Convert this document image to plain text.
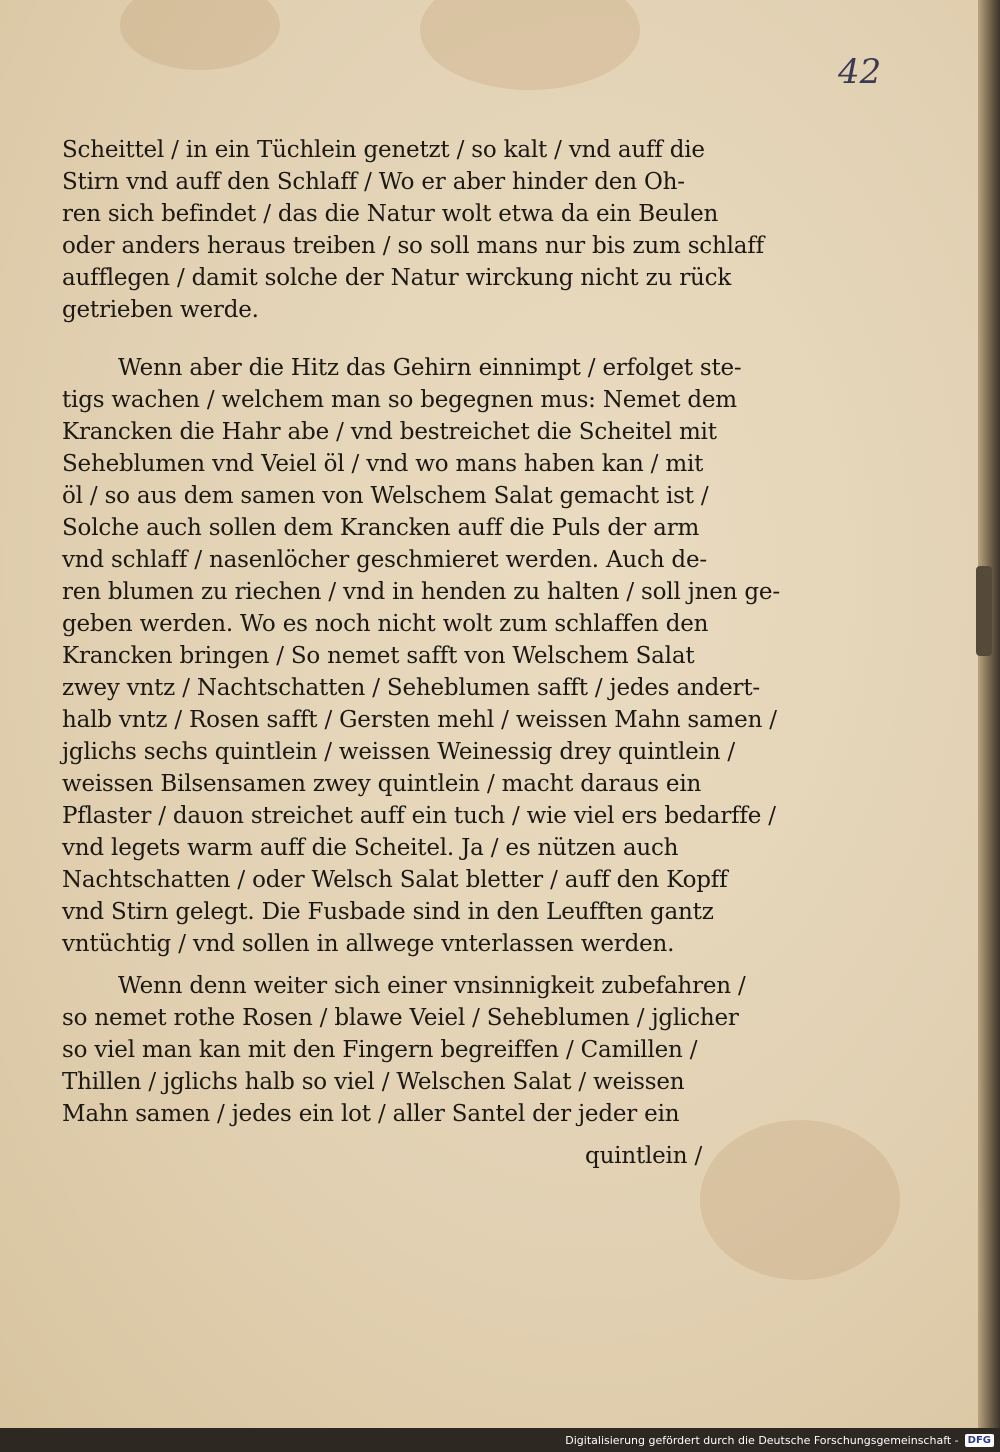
42
Scheittel / in ein Tüchlein genetzt / so kalt / vnd auff die
Stirn vnd auff den Schlaff / Wo er aber hinder den Oh-
ren sich befindet / das die Natur wolt etwa da ein Beulen
oder anders heraus treiben / so soll mans nur bis zum schlaff
aufflegen / damit solche der Natur wirckung nicht zu rück
getrieben werde.
Wenn aber die Hitz das Gehirn einnimpt / erfolget ste-
tigs wachen / welchem man so begegnen mus: Nemet dem
Krancken die Hahr abe / vnd bestreichet die Scheitel mit
Seheblumen vnd Veiel öl / vnd wo mans haben kan / mit
öl / so aus dem samen von Welschem Salat gemacht ist /
Solche auch sollen dem Krancken auff die Puls der arm
vnd schlaff / nasenlöcher geschmieret werden. Auch de-
ren blumen zu riechen / vnd in henden zu halten / soll jnen ge-
geben werden. Wo es noch nicht wolt zum schlaffen den
Krancken bringen / So nemet safft von Welschem Salat
zwey vntz / Nachtschatten / Seheblumen safft / jedes andert-
halb vntz / Rosen safft / Gersten mehl / weissen Mahn samen /
jglichs sechs quintlein / weissen Weinessig drey quintlein /
weissen Bilsensamen zwey quintlein / macht daraus ein
Pflaster / dauon streichet auff ein tuch / wie viel ers bedarffe /
vnd legets warm auff die Scheitel. Ja / es nützen auch
Nachtschatten / oder Welsch Salat bletter / auff den Kopff
vnd Stirn gelegt. Die Fusbade sind in den Leufften gantz
vntüchtig / vnd sollen in allwege vnterlassen werden.
Wenn denn weiter sich einer vnsinnigkeit zubefahren /
so nemet rothe Rosen / blawe Veiel / Seheblumen / jglicher
so viel man kan mit den Fingern begreiffen / Camillen /
Thillen / jglichs halb so viel / Welschen Salat / weissen
Mahn samen / jedes ein lot / aller Santel der jeder ein
quintlein /
Digitalisierung gefördert durch die Deutsche Forschungsgemeinschaft - DFG
